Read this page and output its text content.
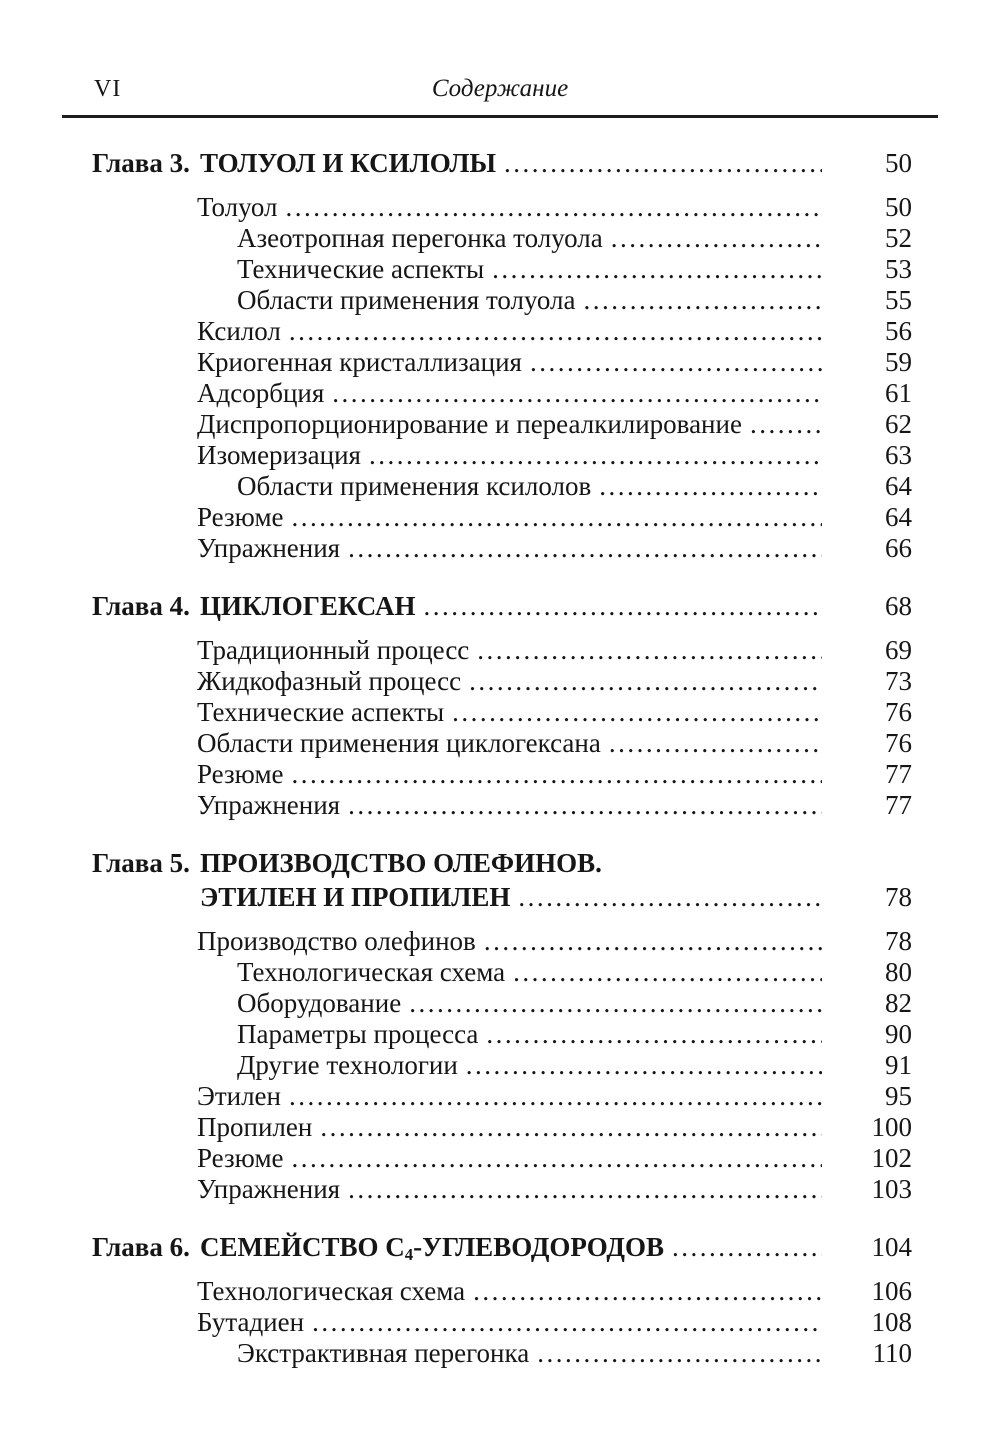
VI	Содержание
Глава 3. ТОЛУОЛ И КСИЛОЛЫ .....	50
Толуол .....	50
Азеотропная перегонка толуола .....	52
Технические аспекты .....	53
Области применения толуола .....	55
Ксилол .....	56
Криогенная кристаллизация .....	59
Адсорбция .....	61
Диспропорционирование и переалкилирование .....	62
Изомеризация .....	63
Области применения ксилолов .....	64
Резюме .....	64
Упражнения .....	66
Глава 4. ЦИКЛОГЕКСАН .....	68
Традиционный процесс .....	69
Жидкофазный процесс .....	73
Технические аспекты .....	76
Области применения циклогексана .....	76
Резюме .....	77
Упражнения .....	77
Глава 5. ПРОИЗВОДСТВО ОЛЕФИНОВ.
ЭТИЛЕН И ПРОПИЛЕН .....	78
Производство олефинов .....	78
Технологическая схема .....	80
Оборудование .....	82
Параметры процесса .....	90
Другие технологии .....	91
Этилен .....	95
Пропилен .....	100
Резюме .....	102
Упражнения .....	103
Глава 6. СЕМЕЙСТВО $С_4$-УГЛЕВОДОРОДОВ .....	104
Технологическая схема .....	106
Бутадиен .....	108
Экстрактивная перегонка .....	110
